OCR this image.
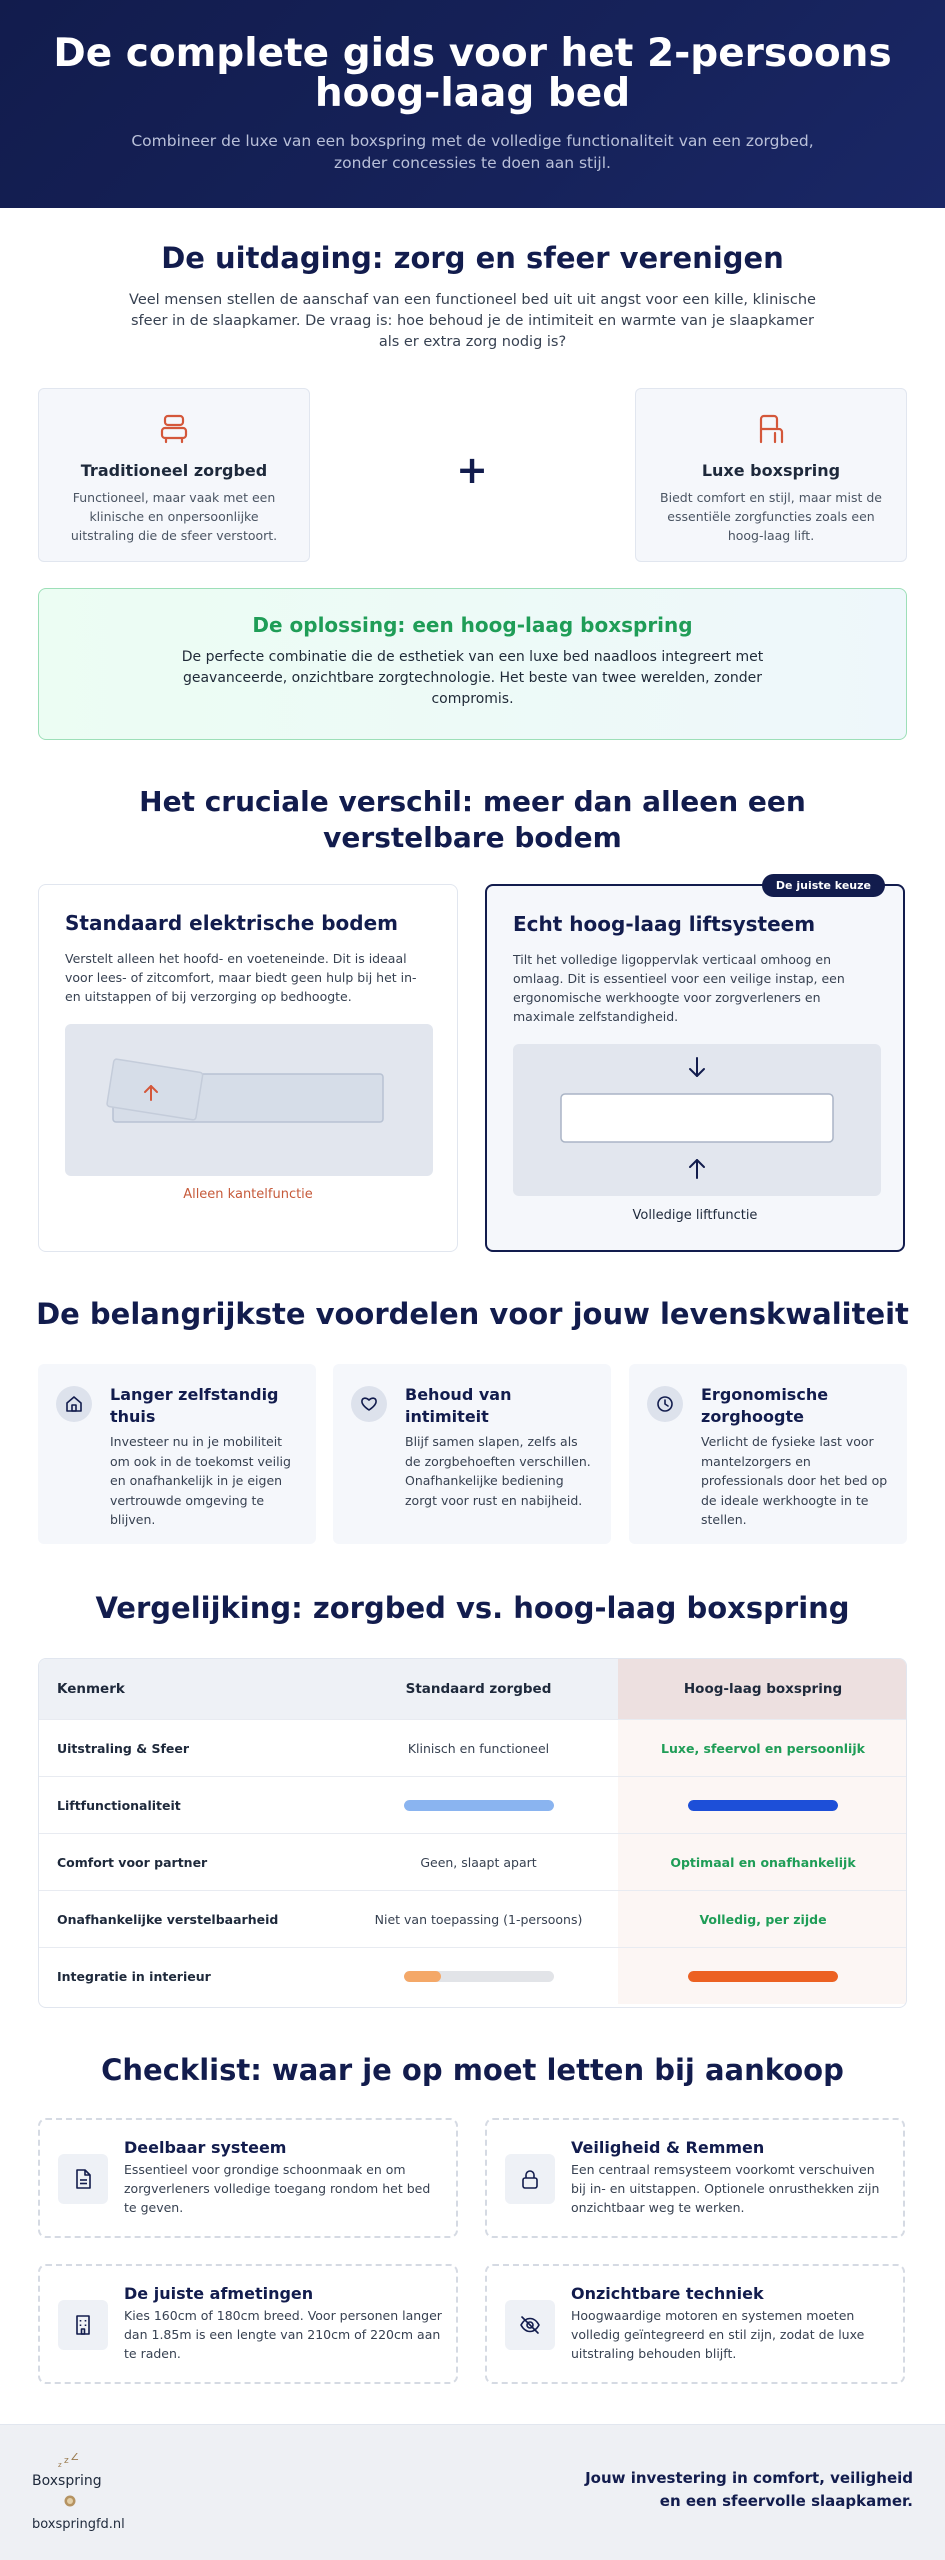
De complete gids voor het 2-persoons hoog-laag bed

Combineer de luxe van een boxspring met de volledige functionaliteit van een zorgbed, zonder concessies te doen aan stijl.

De uitdaging: zorg en sfeer verenigen

Veel mensen stellen de aanschaf van een functioneel bed uit uit angst voor een kille, klinische sfeer in de slaapkamer. De vraag is: hoe behoud je de intimiteit en warmte van je slaapkamer als er extra zorg nodig is?

Traditioneel zorgbed

Functioneel, maar vaak met een klinische en onpersoonlijke uitstraling die de sfeer verstoort.

+	Luxe boxspring

Biedt comfort en stijl, maar mist de essentiële zorgfuncties zoals een hoog-laag lift.

De oplossing: een hoog-laag boxspring

De perfecte combinatie die de esthetiek van een luxe bed naadloos integreert met geavanceerde, onzichtbare zorgtechnologie. Het beste van twee werelden, zonder compromis.

Het cruciale verschil: meer dan alleen een verstelbare bodem
Standaard elektrische bodem

Verstelt alleen het hoofd- en voeteneinde. Dit is ideaal voor lees- of zitcomfort, maar biedt geen hulp bij het in- en uitstappen of bij verzorging op bedhoogte.

Alleen kantelfunctie
De juiste keuze
Echt hoog-laag liftsysteem

Tilt het volledige ligoppervlak verticaal omhoog en omlaag. Dit is essentieel voor een veilige instap, een ergonomische werkhoogte voor zorgverleners en maximale zelfstandigheid.

Volledige liftfunctie
De belangrijkste voordelen voor jouw levenskwaliteit
Langer zelfstandig thuis

Investeer nu in je mobiliteit om ook in de toekomst veilig en onafhankelijk in je eigen vertrouwde omgeving te blijven.

Behoud van intimiteit

Blijf samen slapen, zelfs als de zorgbehoeften verschillen. Onafhankelijke bediening zorgt voor rust en nabijheid.

Ergonomische zorghoogte

Verlicht de fysieke last voor mantelzorgers en professionals door het bed op de ideale werkhoogte in te stellen.

Vergelijking: zorgbed vs. hoog-laag boxspring
Kenmerk	Standaard zorgbed	Hoog-laag boxspring
Uitstraling & Sfeer	Klinisch en functioneel	Luxe, sfeervol en persoonlijk
Liftfunctionaliteit
Comfort voor partner	Geen, slaapt apart	Optimaal en onafhankelijk
Onafhankelijke verstelbaarheid	Niet van toepassing (1-persoons)	Volledig, per zijde
Integratie in interieur
Checklist: waar je op moet letten bij aankoop
Deelbaar systeem

Essentieel voor grondige schoonmaak en om zorgverleners volledige toegang rondom het bed te geven.

Veiligheid & Remmen

Een centraal remsysteem voorkomt verschuiven bij in- en uitstappen. Optionele onrusthekken zijn onzichtbaar weg te werken.

De juiste afmetingen

Kies 160cm of 180cm breed. Voor personen langer dan 1.85m is een lengte van 210cm of 220cm aan te raden.

Onzichtbare techniek

Hoogwaardige motoren en systemen moeten volledig geïntegreerd en stil zijn, zodat de luxe uitstraling behouden blijft.

z Z
z
Boxspring
boxspringfd.nl
Jouw investering in comfort, veiligheid en een sfeervolle slaapkamer.
